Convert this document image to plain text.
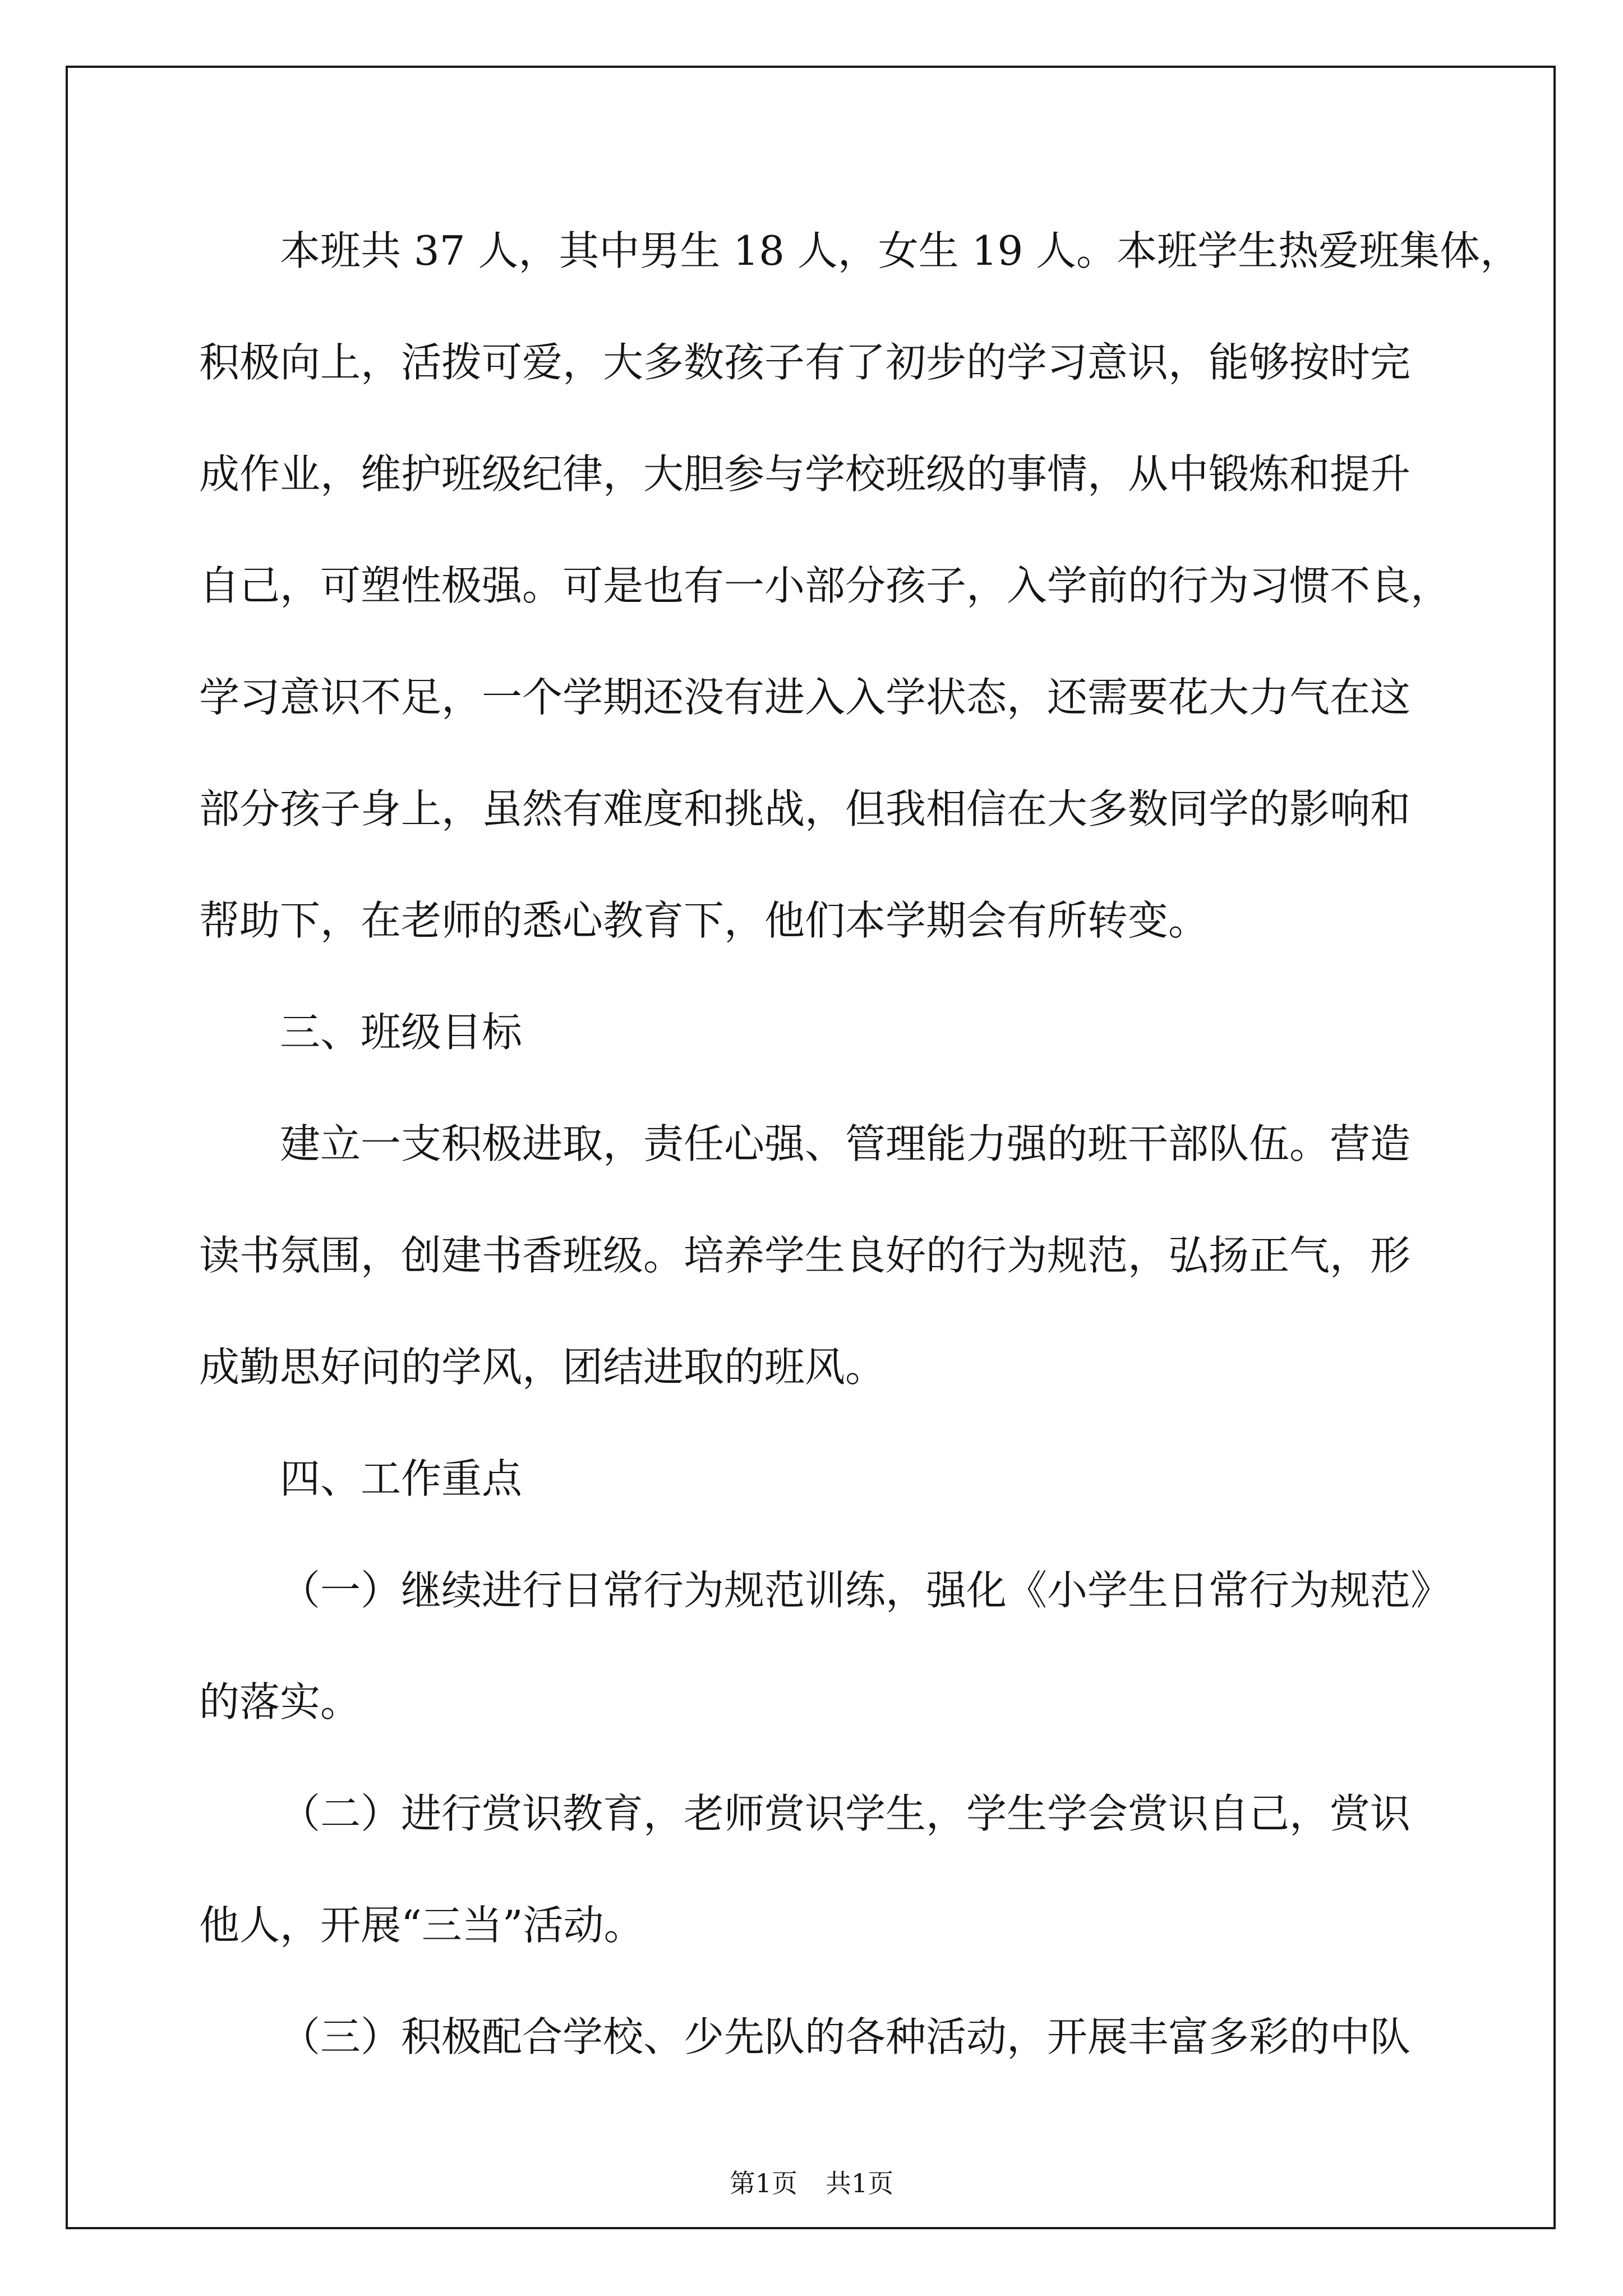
本班共 37 人，其中男生 18 人，女生 19 人。本班学生热爱班集体，
积极向上，活拨可爱，大多数孩子有了初步的学习意识，能够按时完
成作业，维护班级纪律，大胆参与学校班级的事情，从中锻炼和提升
自己，可塑性极强。可是也有一小部分孩子，入学前的行为习惯不良，
学习意识不足，一个学期还没有进入入学状态，还需要花大力气在这
部分孩子身上，虽然有难度和挑战，但我相信在大多数同学的影响和
帮助下，在老师的悉心教育下，他们本学期会有所转变。
三、班级目标
建立一支积极进取，责任心强、管理能力强的班干部队伍。营造
读书氛围，创建书香班级。培养学生良好的行为规范，弘扬正气，形
成勤思好问的学风，团结进取的班风。
四、工作重点
（一）继续进行日常行为规范训练，强化《小学生日常行为规范》
的落实。
（二）进行赏识教育，老师赏识学生，学生学会赏识自己，赏识
他人，开展“三当”活动。
（三）积极配合学校、少先队的各种活动，开展丰富多彩的中队
第1页 共1页
